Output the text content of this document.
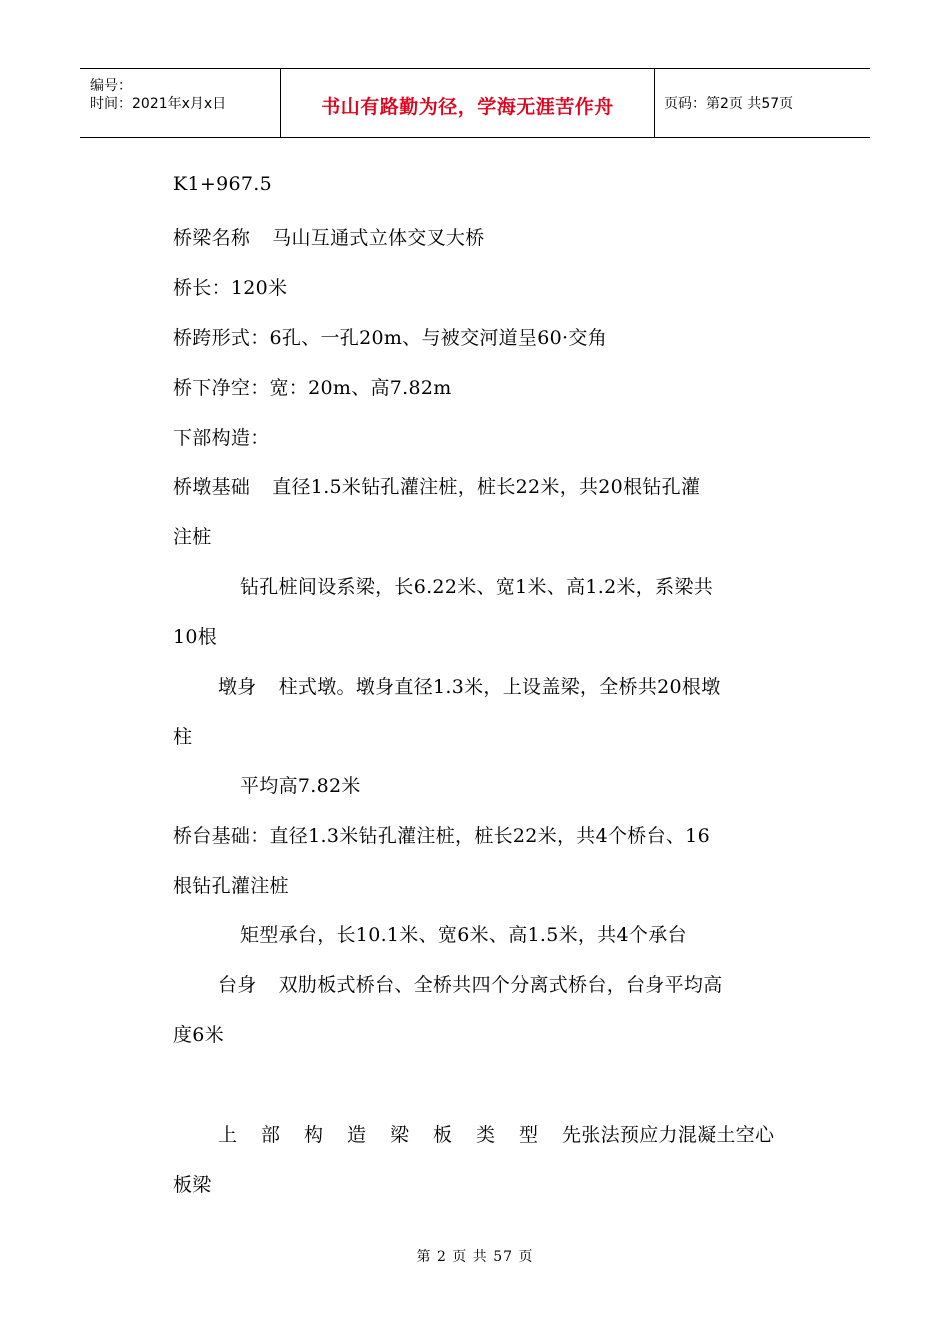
编号：
时间：2021年x月x日	书山有路勤为径，学海无涯苦作舟	页码：第2页 共57页
K1+967.5
桥梁名称 马山互通式立体交叉大桥
桥长：120米
桥跨形式：6孔、一孔20m、与被交河道呈60·交角
桥下净空：宽：20m、高7.82m
下部构造：
桥墩基础 直径1.5米钻孔灌注桩，桩长22米，共20根钻孔灌
注桩
钻孔桩间设系梁，长6.22米、宽1米、高1.2米，系梁共
10根
墩身 柱式墩。墩身直径1.3米，上设盖梁，全桥共20根墩
柱
平均高7.82米
桥台基础：直径1.3米钻孔灌注桩，桩长22米，共4个桥台、16
根钻孔灌注桩
矩型承台，长10.1米、宽6米、高1.5米，共4个承台
台身 双肋板式桥台、全桥共四个分离式桥台，台身平均高
度6米
上部构造梁板类型先张法预应力混凝土空心
板梁
第 2 页 共 57 页
